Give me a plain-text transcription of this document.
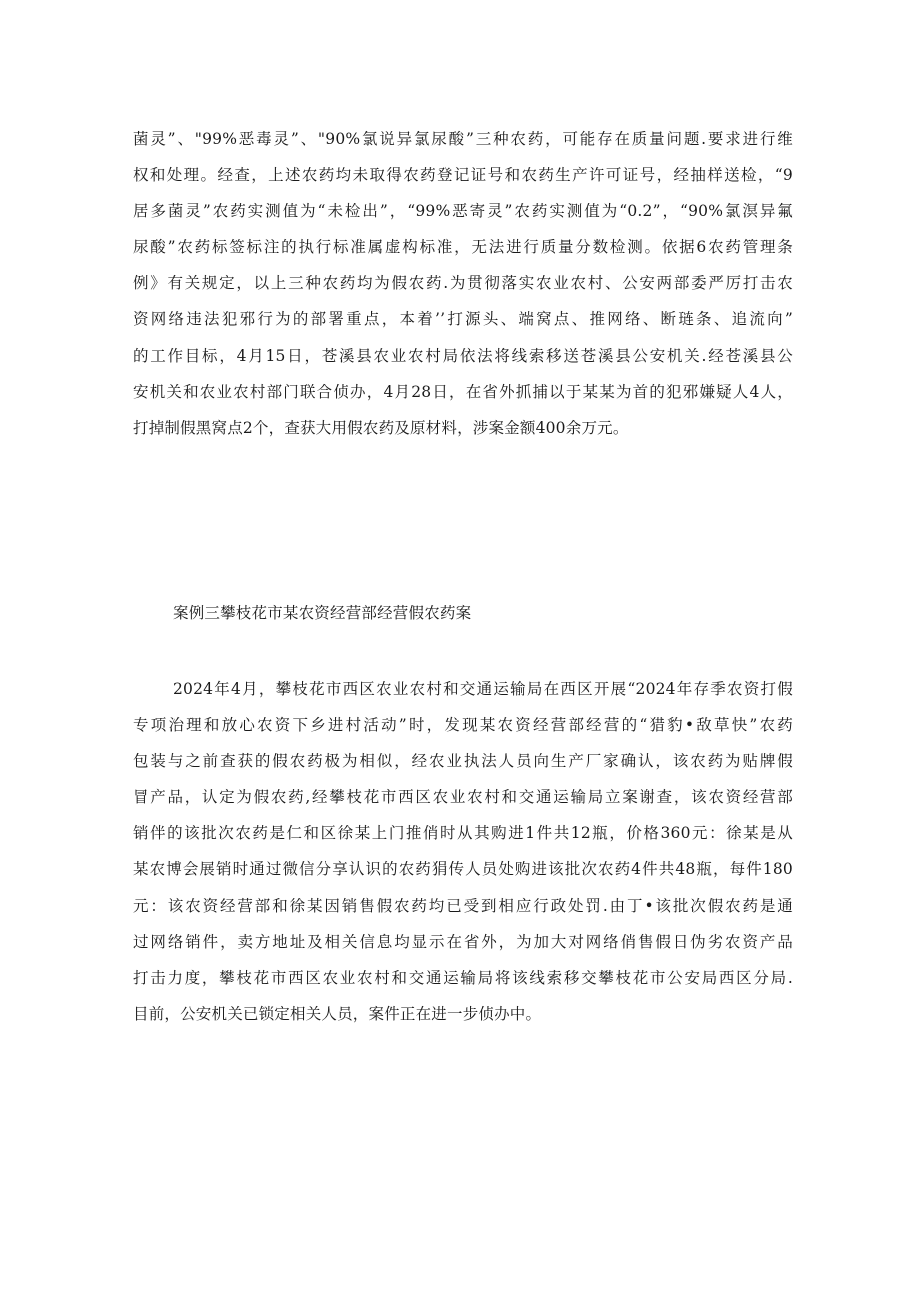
菌灵”、"99%恶毒灵”、"90%氯说异氯尿酸”三种农药，可能存在质量问题.要求进行维
权和处理。经查，上述农药均未取得农药登记证号和农药生产许可证号，经抽样送检，“9
居多菌灵”农药实测值为“未检出”，“99%恶寄灵”农药实测值为“0.2”，“90%氯溟异氟
尿酸”农药标签标注的执行标准属虚构标准，无法进行质量分数检测。依据6农药管理条
例》有关规定，以上三种农药均为假农药.为贯彻落实农业农村、公安两部委严厉打击农
资网络违法犯邪行为的部署重点，本着’’打源头、端窝点、推网络、断琏条、追流向”
的工作目标，4月15日，苍溪县农业农村局依法将线索移送苍溪县公安机关.经苍溪县公
安机关和农业农村部门联合侦办，4月28日，在省外抓捕以于某某为首的犯邪嫌疑人4人，
打掉制假黑窝点2个，查获大用假农药及原材料，涉案金额400余万元。
案例三攀枝花市某农资经营部经营假农药案
2024年4月，攀枝花市西区农业农村和交通运输局在西区开展“2024年存季农资打假
专项治理和放心农资下乡进村活动”时，发现某农资经营部经营的“猎豹•敌草快”农药
包装与之前查获的假农药极为相似，经农业执法人员向生产厂家确认，该农药为贴牌假
冒产品，认定为假农药,经攀枝花市西区农业农村和交通运输局立案谢查，该农资经营部
销伴的该批次农药是仁和区徐某上门推俏时从其购进1件共12瓶，价格360元：徐某是从
某农博会展销时通过微信分享认识的农药狷传人员处购进该批次农药4件共48瓶，每件180
元：该农资经营部和徐某因销售假农药均已受到相应行政处罚.由丁•该批次假农药是通
过网络销件，卖方地址及相关信息均显示在省外，为加大对网络俏售假日伪劣农资产品
打击力度，攀枝花市西区农业农村和交通运输局将该线索移交攀枝花市公安局西区分局.
目前，公安机关已锁定相关人员，案件正在进一步侦办中。
